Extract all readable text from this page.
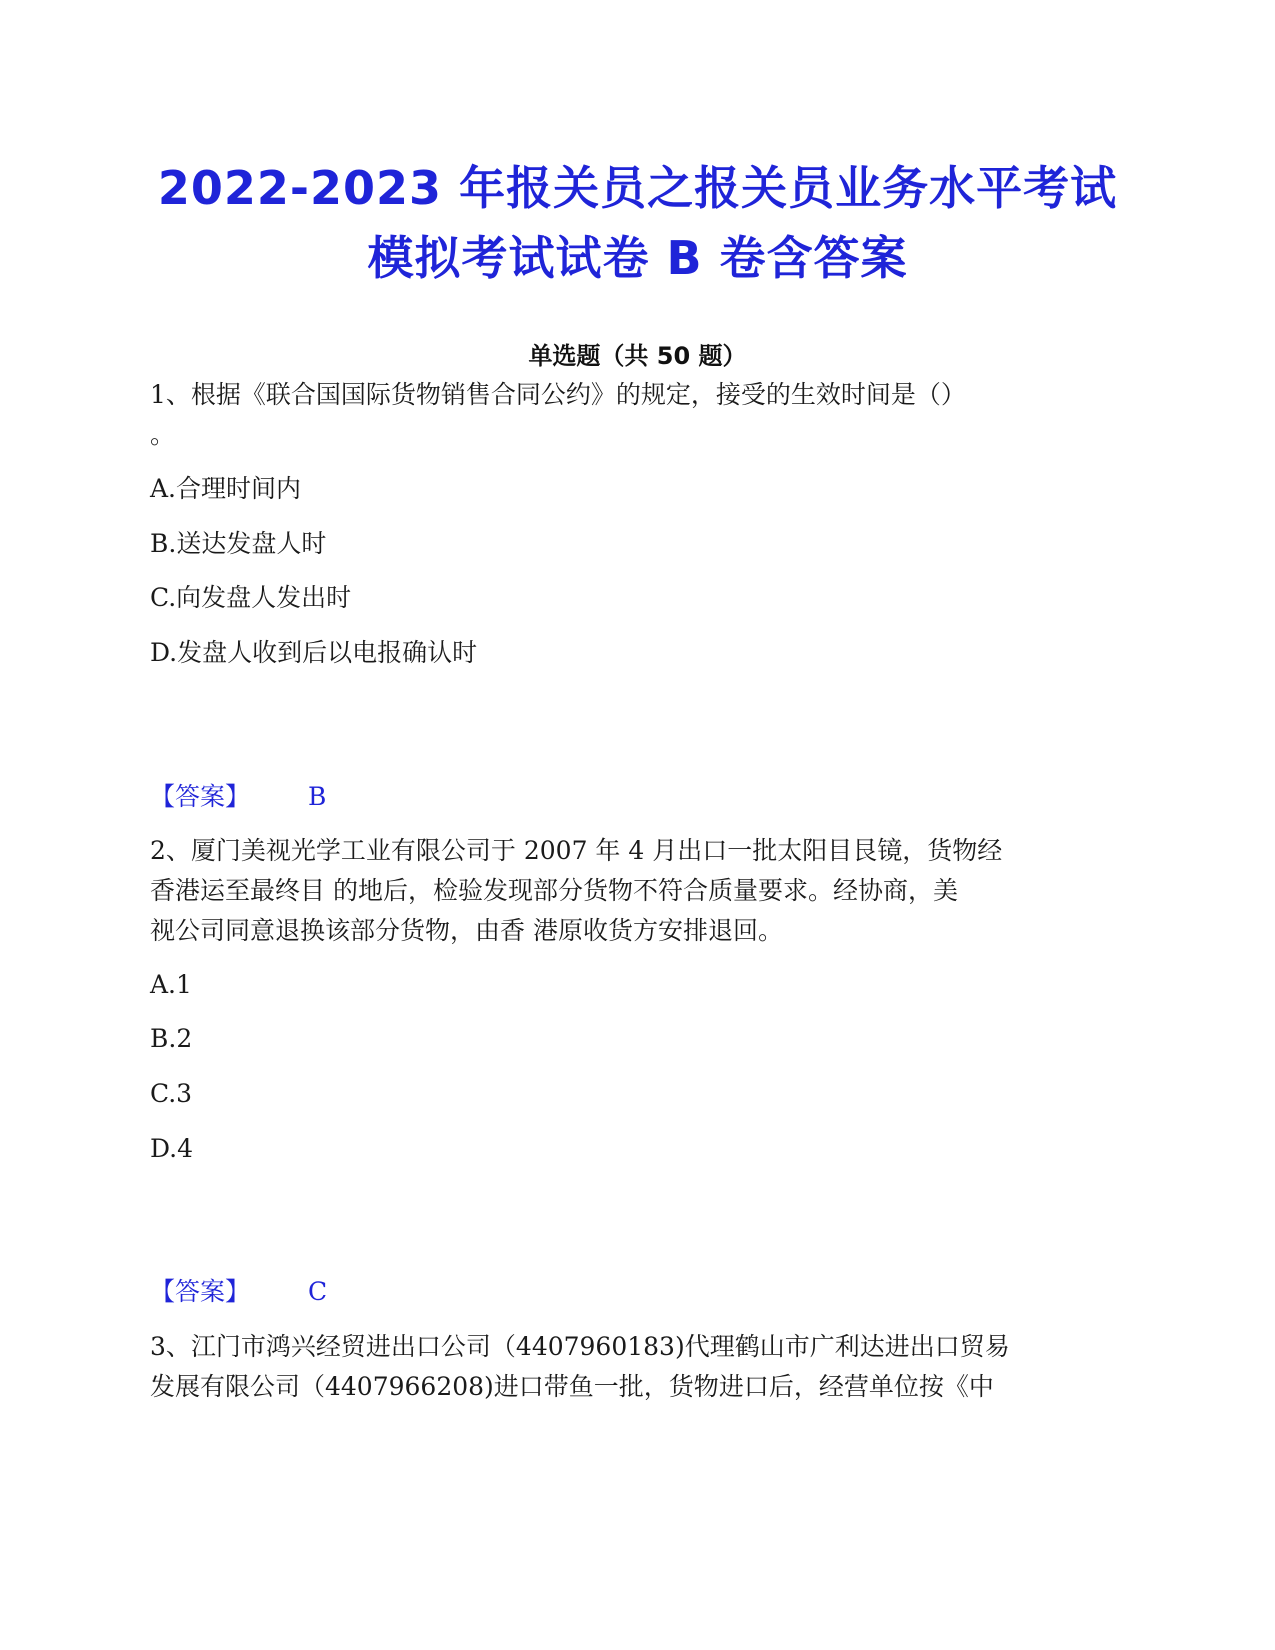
2022-2023 年报关员之报关员业务水平考试
模拟考试试卷 B 卷含答案
单选题（共 50 题）
1、根据《联合国国际货物销售合同公约》的规定，接受的生效时间是（）
。
A.合理时间内
B.送达发盘人时
C.向发盘人发出时
D.发盘人收到后以电报确认时
【答案】 B
2、厦门美视光学工业有限公司于 2007 年 4 月出口一批太阳目艮镜，货物经
香港运至最终目 的地后，检验发现部分货物不符合质量要求。经协商，美
视公司同意退换该部分货物，由香 港原收货方安排退回。
A.1
B.2
C.3
D.4
【答案】 C
3、江门市鸿兴经贸进出口公司（4407960183)代理鹤山市广利达进出口贸易
发展有限公司（4407966208)进口带鱼一批，货物进口后，经营单位按《中
